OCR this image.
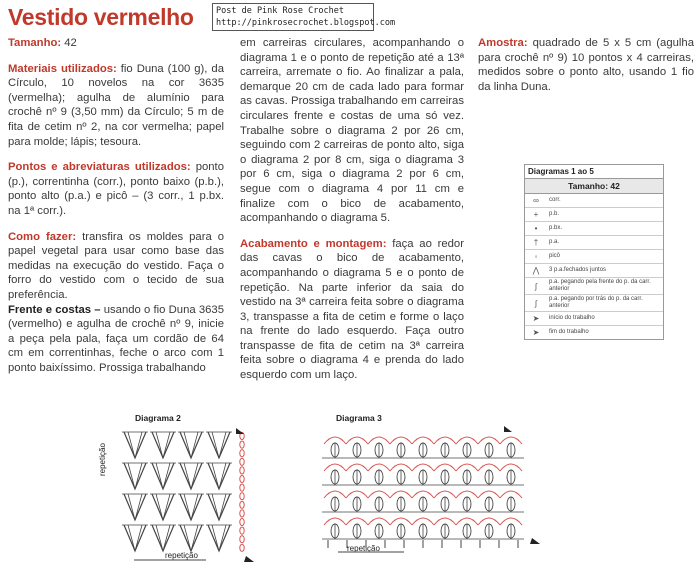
Vestido vermelho	Post de Pink Rose Crochet
http://pinkrosecrochet.blogspot.com

Tamanho: 42

Materiais utilizados: fio Duna (100 g), da Círculo, 10 novelos na cor 3635 (vermelha); agulha de alumínio para crochê nº 9 (3,50 mm) da Círculo; 5 m de fita de cetim nº 2, na cor vermelha; papel para molde; lápis; tesoura.

Pontos e abreviaturas utilizados: ponto (p.), correntinha (corr.), ponto baixo (p.b.), ponto alto (p.a.) e picô – (3 corr., 1 p.bx. na 1ª corr.).

Como fazer: transfira os moldes para o papel vegetal para usar como base das medidas na execução do vestido. Faça o forro do vestido com o tecido de sua preferência.

Frente e costas – usando o fio Duna 3635 (vermelho) e agulha de crochê nº 9, inicie a peça pela pala, faça um cordão de 64 cm em correntinhas, feche o arco com 1 ponto baixíssimo. Prossiga trabalhando

em carreiras circulares, acompanhando o diagrama 1 e o ponto de repetição até a 13ª carreira, arremate o fio. Ao finalizar a pala, demarque 20 cm de cada lado para formar as cavas. Prossiga trabalhando em carreiras circulares frente e costas de uma só vez. Trabalhe sobre o diagrama 2 por 26 cm, seguindo com 2 carreiras de ponto alto, siga o diagrama 2 por 8 cm, siga o diagrama 3 por 6 cm, siga o diagrama 2 por 6 cm, segue com o diagrama 4 por 11 cm e finalize com o bico de acabamento, acompanhando o diagrama 5.

Acabamento e montagem: faça ao redor das cavas o bico de acabamento, acompanhando o diagrama 5 e o ponto de repetição. Na parte inferior da saia do vestido na 3ª carreira feita sobre o diagrama 3, transpasse a fita de cetim e forme o laço na frente do lado esquerdo. Faça outro transpasse de fita de cetim na 3ª carreira feita sobre o diagrama 4 e prenda do lado esquerdo com um laço.

Amostra: quadrado de 5 x 5 cm (agulha para crochê nº 9) 10 pontos x 4 carreiras, medidos sobre o ponto alto, usando 1 fio da linha Duna.

Diagramas 1 ao 5
Tamanho: 42
∞	corr.
+	p.b.
•	p.bx.
†	p.a.
◦	picô
⋀	3 p.a.fechados juntos
∫	p.a. pegando pela frente do p. da carr. anterior
∫	p.a. pegando por trás do p. da carr. anterior
➤	início do trabalho
➤	fim do trabalho
Diagrama 2	Diagrama 3
repetição
repetição
repetição
